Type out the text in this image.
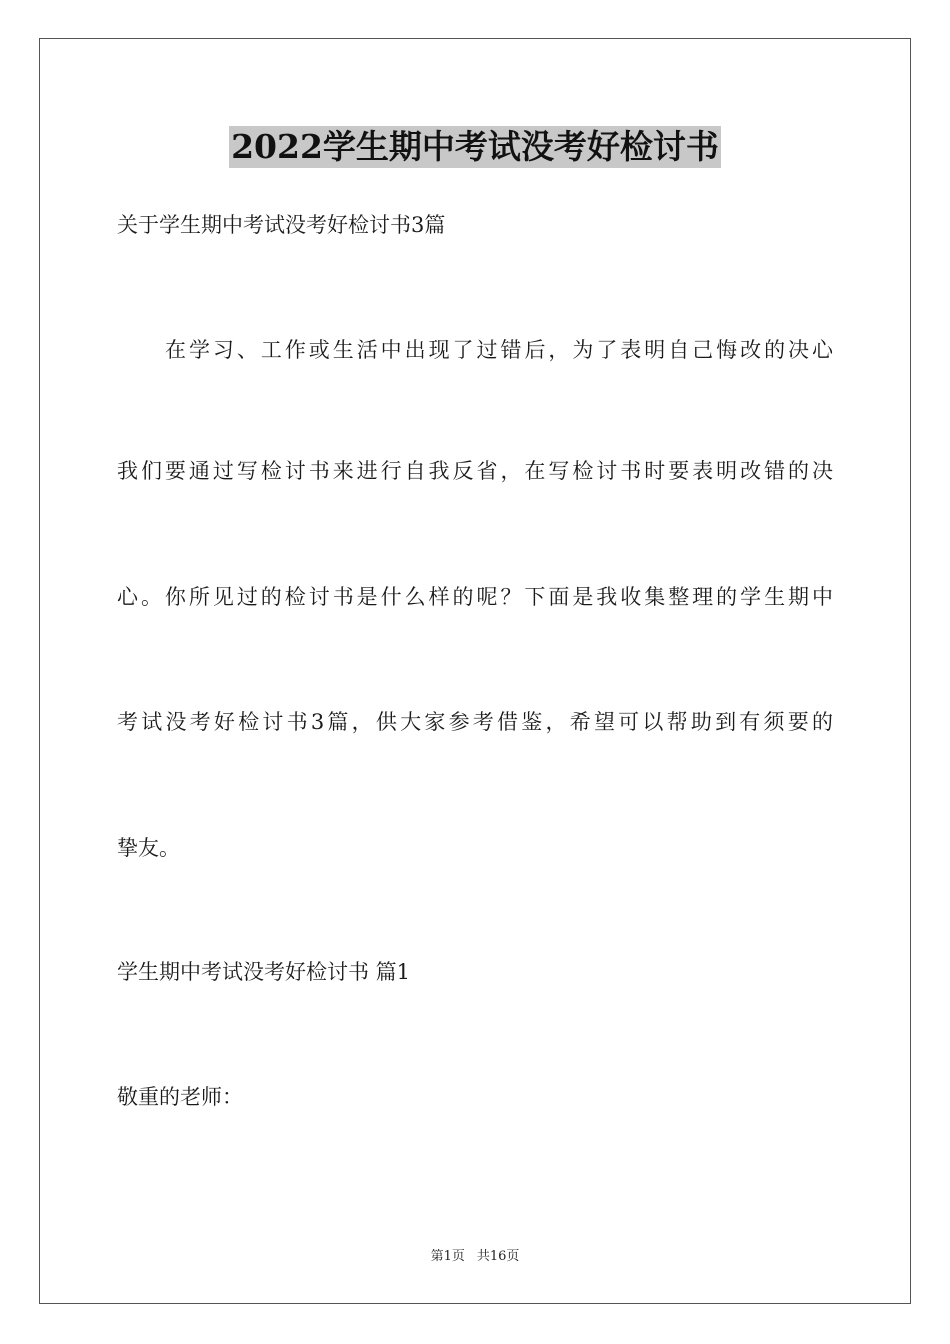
2022学生期中考试没考好检讨书
关于学生期中考试没考好检讨书3篇
在学习、工作或生活中出现了过错后，为了表明自己悔改的决心
我们要通过写检讨书来进行自我反省，在写检讨书时要表明改错的决
心。你所见过的检讨书是什么样的呢？下面是我收集整理的学生期中
考试没考好检讨书3篇，供大家参考借鉴，希望可以帮助到有须要的
挚友。
学生期中考试没考好检讨书 篇1
敬重的老师：
第1页 共16页
